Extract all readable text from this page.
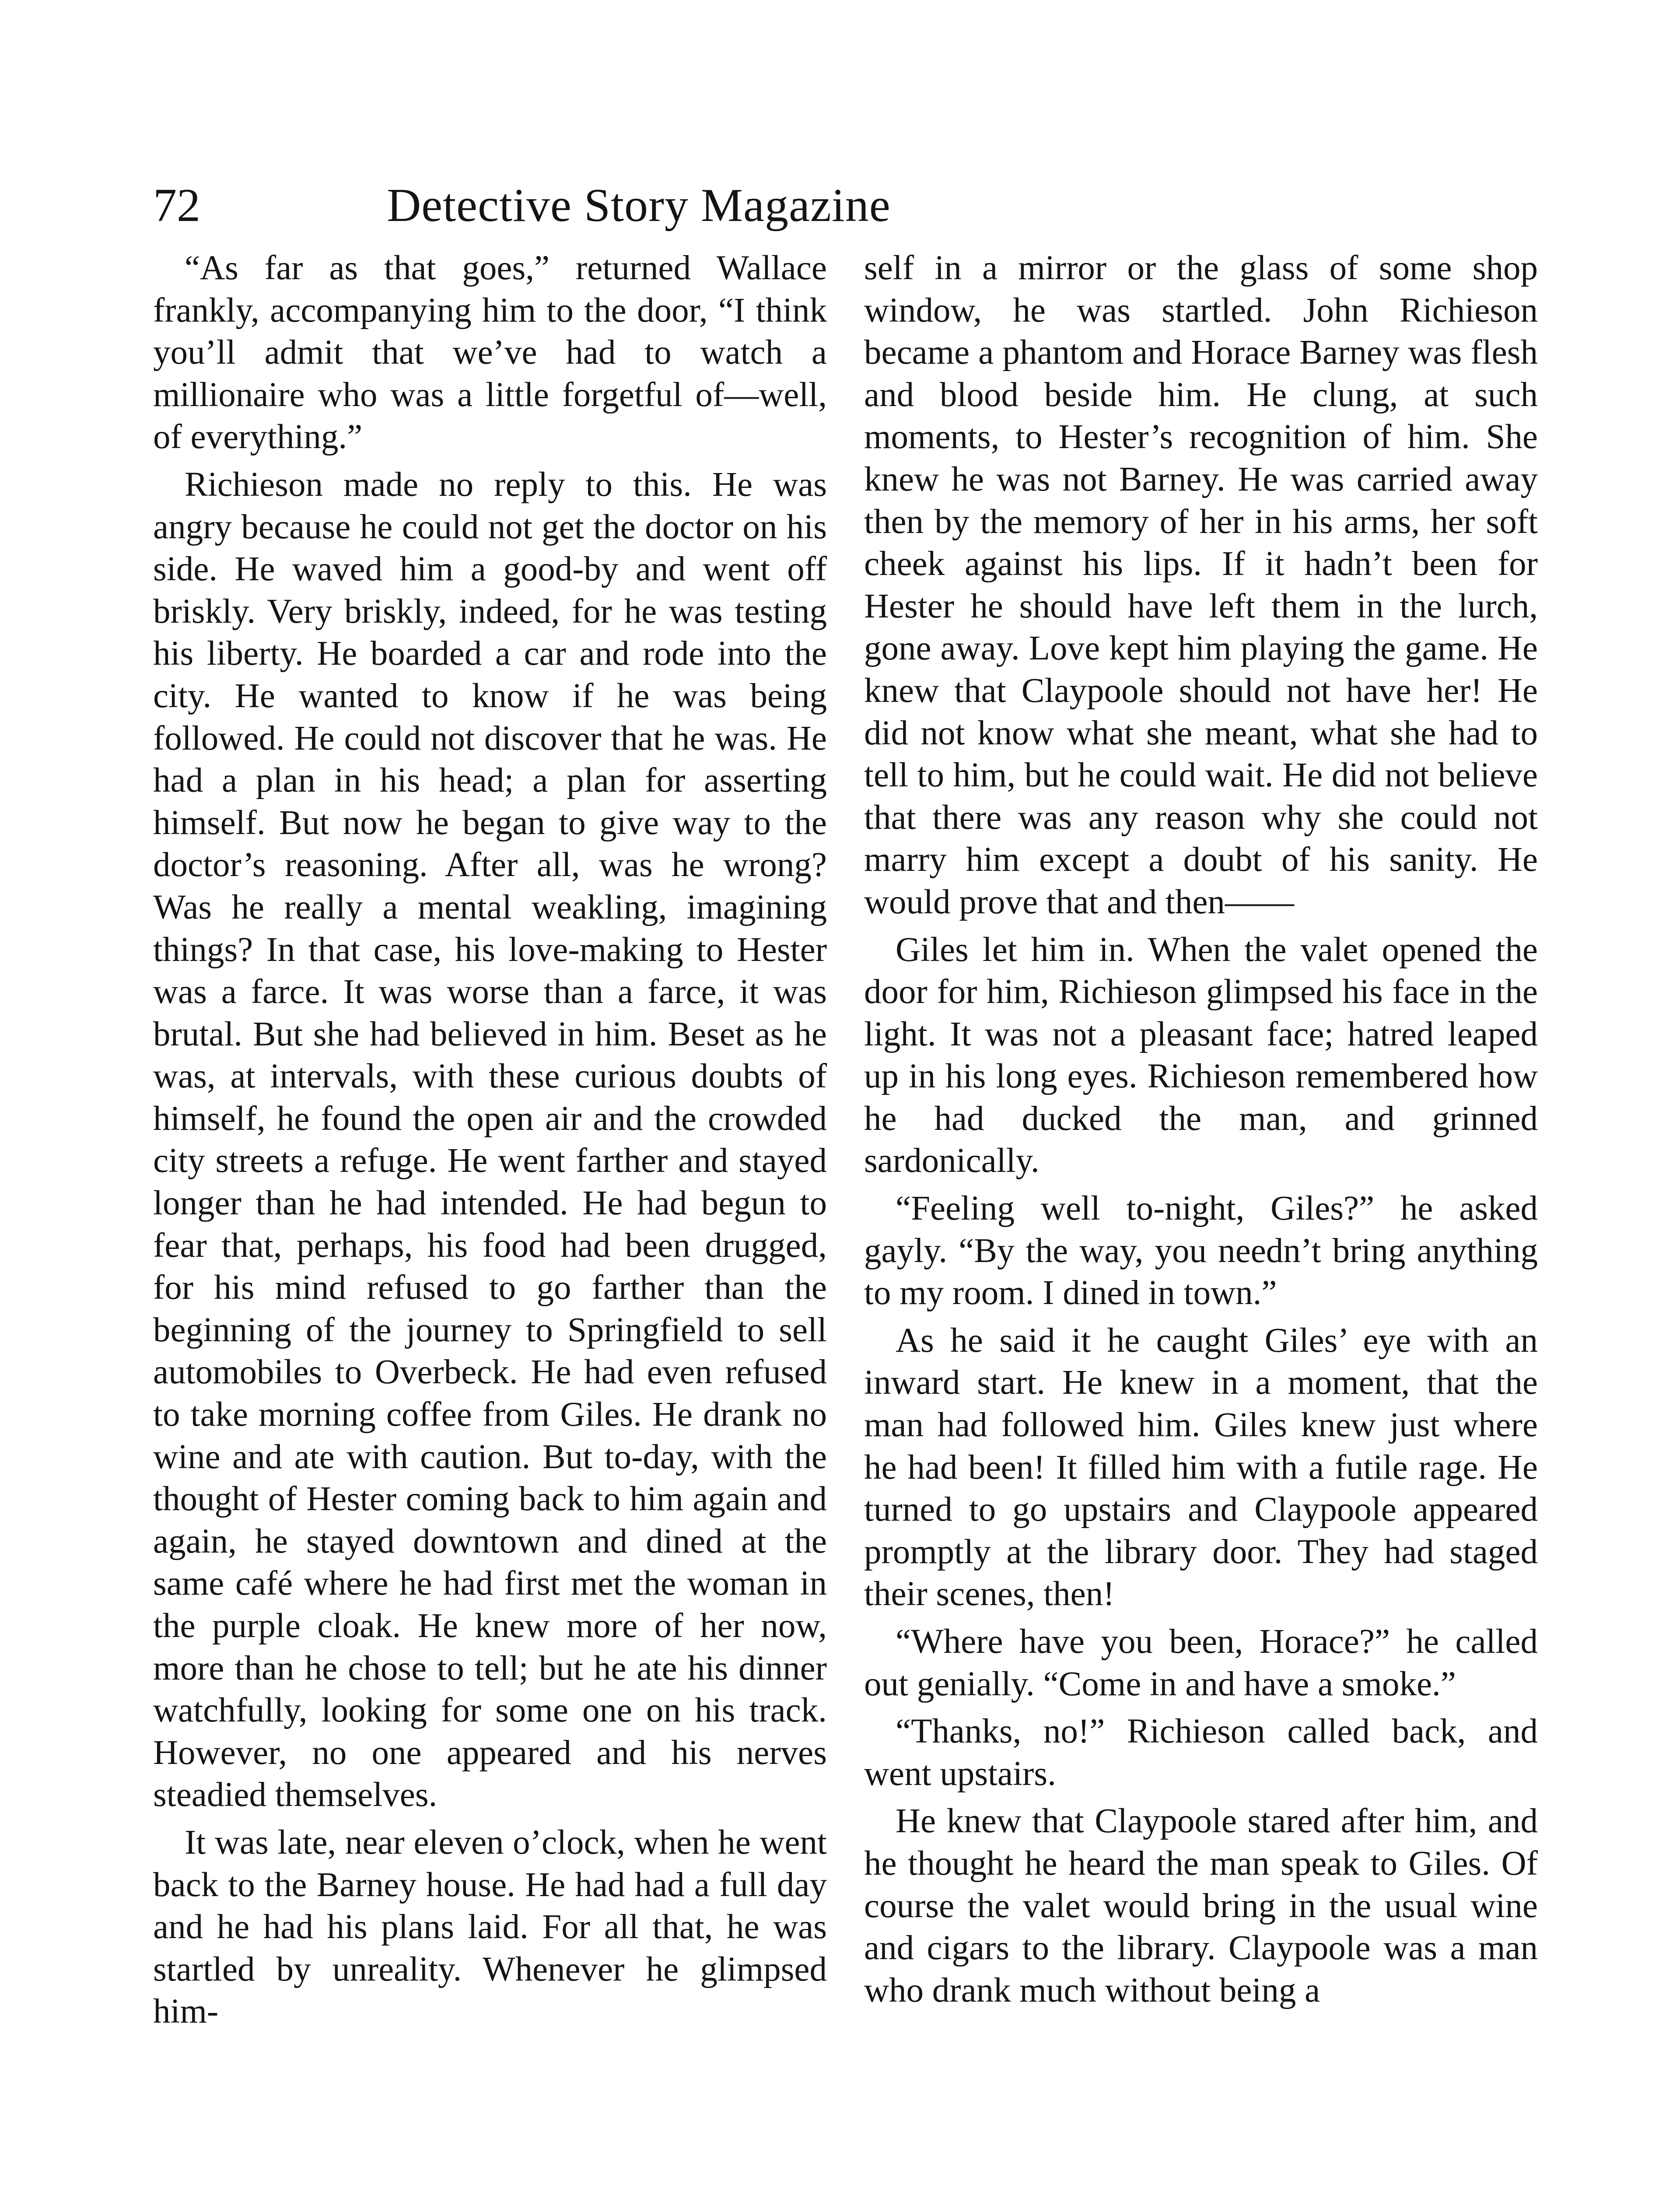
72	Detective Story Magazine

“As far as that goes,” returned Wallace frankly, accompanying him to the door, “I think you’ll admit that we’ve had to watch a millionaire who was a little forgetful of—well, of everything.”

Richieson made no reply to this. He was angry because he could not get the doctor on his side. He waved him a good-by and went off briskly. Very briskly, indeed, for he was testing his liberty. He boarded a car and rode into the city. He wanted to know if he was being followed. He could not discover that he was. He had a plan in his head; a plan for asserting himself. But now he began to give way to the doctor’s reasoning. After all, was he wrong? Was he really a mental weakling, imagining things? In that case, his love-making to Hester was a farce. It was worse than a farce, it was brutal. But she had believed in him. Beset as he was, at intervals, with these curious doubts of himself, he found the open air and the crowded city streets a refuge. He went farther and stayed longer than he had intended. He had begun to fear that, perhaps, his food had been drugged, for his mind refused to go farther than the beginning of the journey to Springfield to sell automobiles to Overbeck. He had even refused to take morning coffee from Giles. He drank no wine and ate with caution. But to-day, with the thought of Hester coming back to him again and again, he stayed downtown and dined at the same café where he had first met the woman in the purple cloak. He knew more of her now, more than he chose to tell; but he ate his dinner watchfully, looking for some one on his track. However, no one appeared and his nerves steadied themselves.

It was late, near eleven o’clock, when he went back to the Barney house. He had had a full day and he had his plans laid. For all that, he was startled by unreality. Whenever he glimpsed him-

self in a mirror or the glass of some shop window, he was startled. John Richieson became a phantom and Horace Barney was flesh and blood beside him. He clung, at such moments, to Hester’s recognition of him. She knew he was not Barney. He was carried away then by the memory of her in his arms, her soft cheek against his lips. If it hadn’t been for Hester he should have left them in the lurch, gone away. Love kept him playing the game. He knew that Claypoole should not have her! He did not know what she meant, what she had to tell to him, but he could wait. He did not believe that there was any reason why she could not marry him except a doubt of his sanity. He would prove that and then——

Giles let him in. When the valet opened the door for him, Richieson glimpsed his face in the light. It was not a pleasant face; hatred leaped up in his long eyes. Richieson remembered how he had ducked the man, and grinned sardonically.

“Feeling well to-night, Giles?” he asked gayly. “By the way, you needn’t bring anything to my room. I dined in town.”

As he said it he caught Giles’ eye with an inward start. He knew in a moment, that the man had followed him. Giles knew just where he had been! It filled him with a futile rage. He turned to go upstairs and Claypoole appeared promptly at the library door. They had staged their scenes, then!

“Where have you been, Horace?” he called out genially. “Come in and have a smoke.”

“Thanks, no!” Richieson called back, and went upstairs.

He knew that Claypoole stared after him, and he thought he heard the man speak to Giles. Of course the valet would bring in the usual wine and cigars to the library. Claypoole was a man who drank much without being a
